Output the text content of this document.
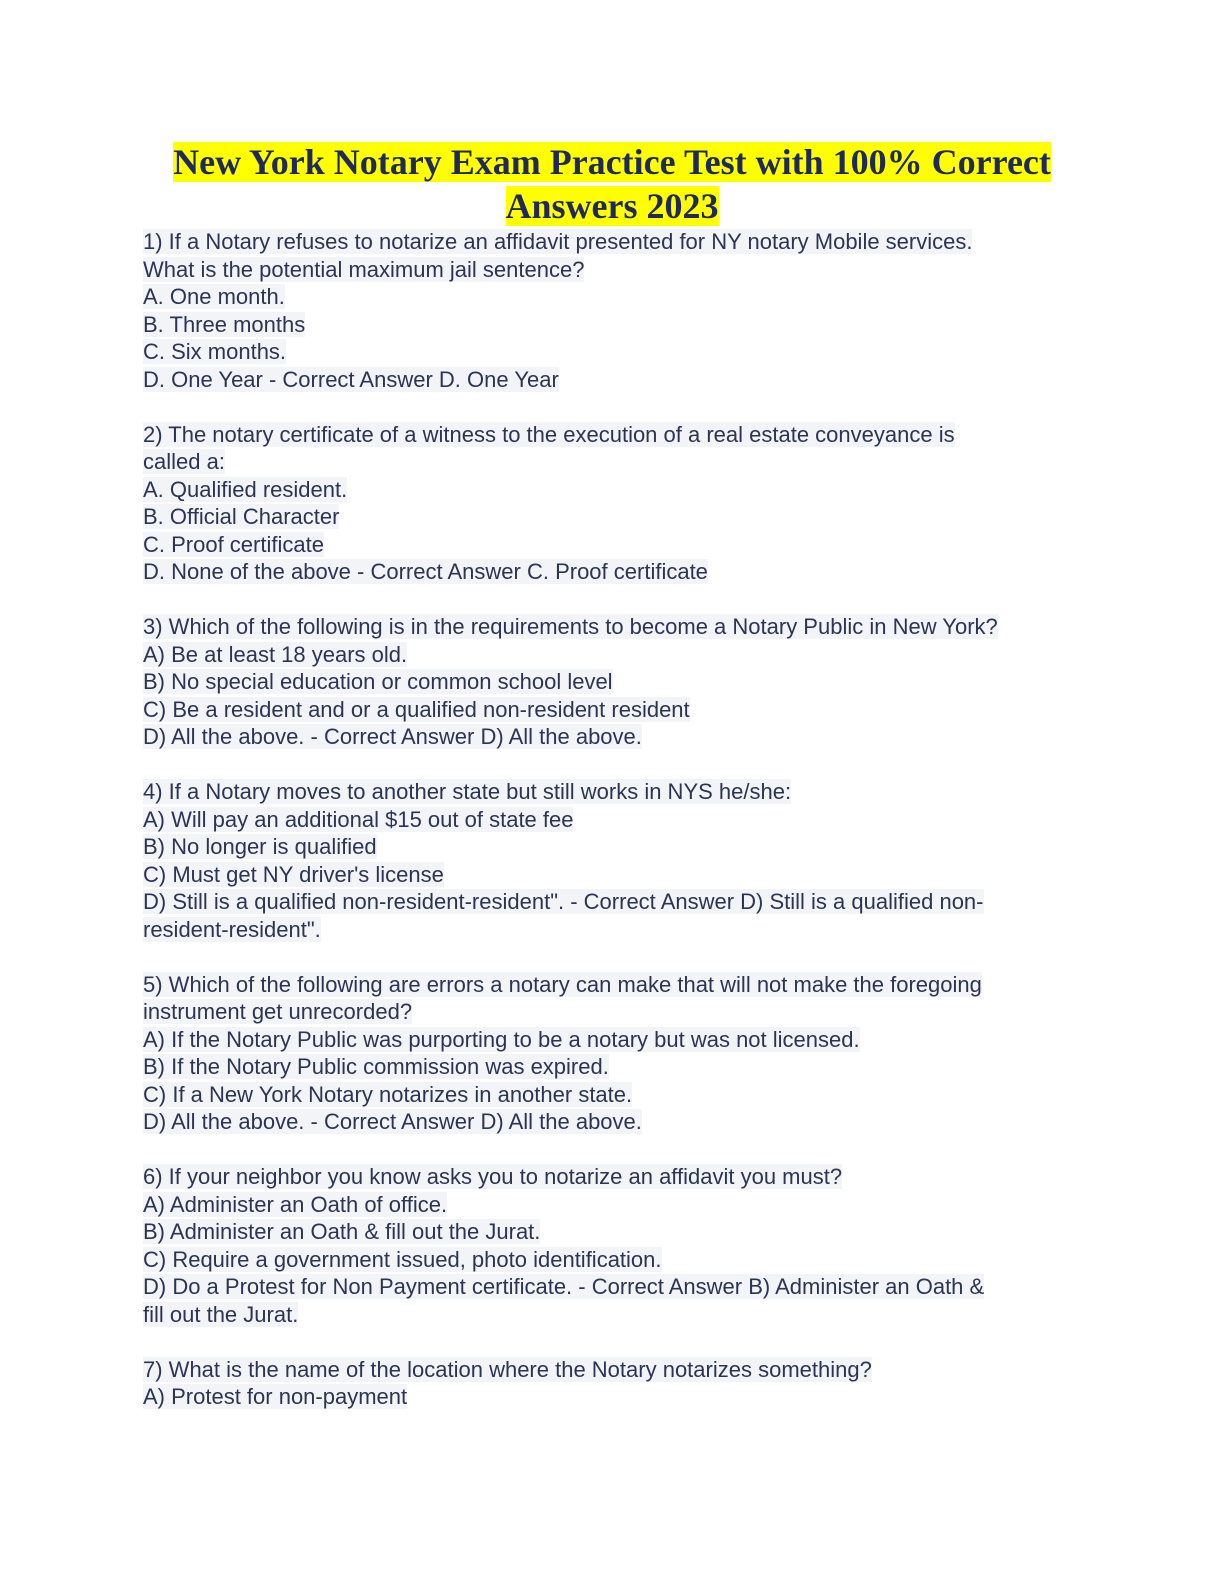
New York Notary Exam Practice Test with 100% Correct
Answers 2023
1) If a Notary refuses to notarize an affidavit presented for NY notary Mobile services.
What is the potential maximum jail sentence?
A. One month.
B. Three months
C. Six months.
D. One Year - Correct Answer D. One Year
2) The notary certificate of a witness to the execution of a real estate conveyance is
called a:
A. Qualified resident.
B. Official Character
C. Proof certificate
D. None of the above - Correct Answer C. Proof certificate
3) Which of the following is in the requirements to become a Notary Public in New York?
A) Be at least 18 years old.
B) No special education or common school level
C) Be a resident and or a qualified non-resident resident
D) All the above. - Correct Answer D) All the above.
4) If a Notary moves to another state but still works in NYS he/she:
A) Will pay an additional $15 out of state fee
B) No longer is qualified
C) Must get NY driver's license
D) Still is a qualified non-resident-resident". - Correct Answer D) Still is a qualified non-
resident-resident".
5) Which of the following are errors a notary can make that will not make the foregoing
instrument get unrecorded?
A) If the Notary Public was purporting to be a notary but was not licensed.
B) If the Notary Public commission was expired.
C) If a New York Notary notarizes in another state.
D) All the above. - Correct Answer D) All the above.
6) If your neighbor you know asks you to notarize an affidavit you must?
A) Administer an Oath of office.
B) Administer an Oath & fill out the Jurat.
C) Require a government issued, photo identification.
D) Do a Protest for Non Payment certificate. - Correct Answer B) Administer an Oath &
fill out the Jurat.
7) What is the name of the location where the Notary notarizes something?
A) Protest for non-payment
